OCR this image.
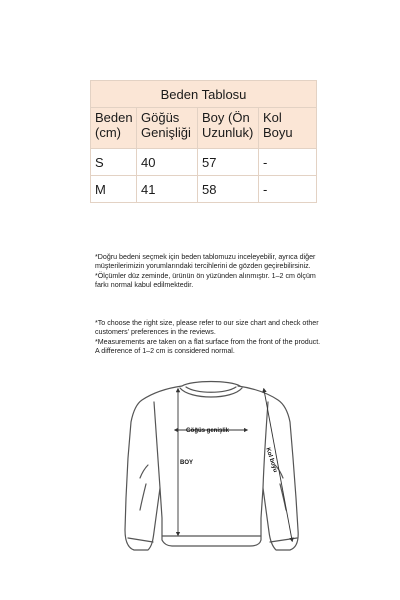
Beden Tablosu			
Beden (cm)	Göğüs Genişliği	Boy (Ön Uzunluk)	Kol Boyu
S	40	57	-
M	41	58	-

*Doğru bedeni seçmek için beden tablomuzu inceleyebilir, ayrıca diğer müşterilerimizin yorumlarındaki tercihlerini de gözden geçirebilirsiniz.

*Ölçümler düz zeminde, ürünün ön yüzünden alınmıştır. 1–2 cm ölçüm farkı normal kabul edilmektedir.

*To choose the right size, please refer to our size chart and check other customers' preferences in the reviews.

*Measurements are taken on a flat surface from the front of the product. A difference of 1–2 cm is considered normal.

Göğüs genişlik
BOY	Kol boyu
